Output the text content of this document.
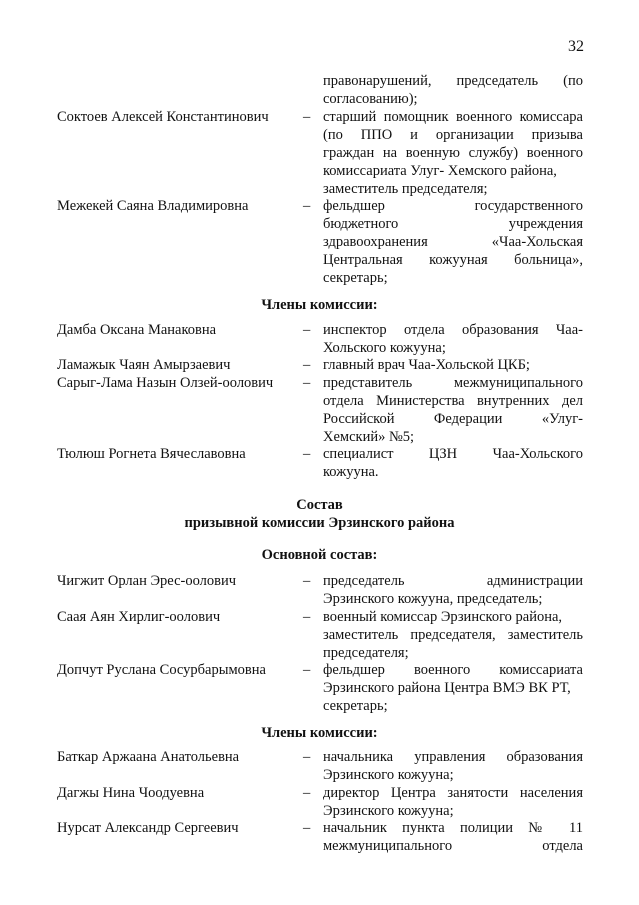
32
правонарушений, председатель (по
согласованию);
Соктоев Алексей Константинович – старший помощник военного комиссара
(по ППО и организации призыва
граждан на военную службу) военного
комиссариата Улуг- Хемского района,
заместитель председателя;
Межекей Саяна Владимировна	– фельдшер государственного
бюджетного учреждения
здравоохранения «Чаа-Хольская
Центральная кожууная больница»,
секретарь;
Члены комиссии:
Дамба Оксана Манаковна	– инспектор отдела образования Чаа-
Хольского кожууна;
Ламажык Чаян Амырзаевич	– главный врач Чаа-Хольской ЦКБ;
Сарыг-Лама Назын Олзей-оолович – представитель межмуниципального
отдела Министерства внутренних дел
Российской Федерации «Улуг-
Хемский» №5;
Тюлюш Рогнета Вячеславовна	– специалист ЦЗН Чаа-Хольского
кожууна.
Состав
призывной комиссии Эрзинского района
Основной состав:
Чигжит Орлан Эрес-оолович	– председатель администрации
Эрзинского кожууна, председатель;
Саая Аян Хирлиг-оолович	– военный комиссар Эрзинского района,
заместитель председателя, заместитель
председателя;
Допчут Руслана Сосурбарымовна	– фельдшер военного комиссариата
Эрзинского района Центра ВМЭ ВК РТ,
секретарь;
Члены комиссии:
Баткар Аржаана Анатольевна	– начальника управления образования
Эрзинского кожууна;
Дагжы Нина Чоодуевна	– директор Центра занятости населения
Эрзинского кожууна;
Нурсат Александр Сергеевич	– начальник пункта полиции № 11
межмуниципального отдела
